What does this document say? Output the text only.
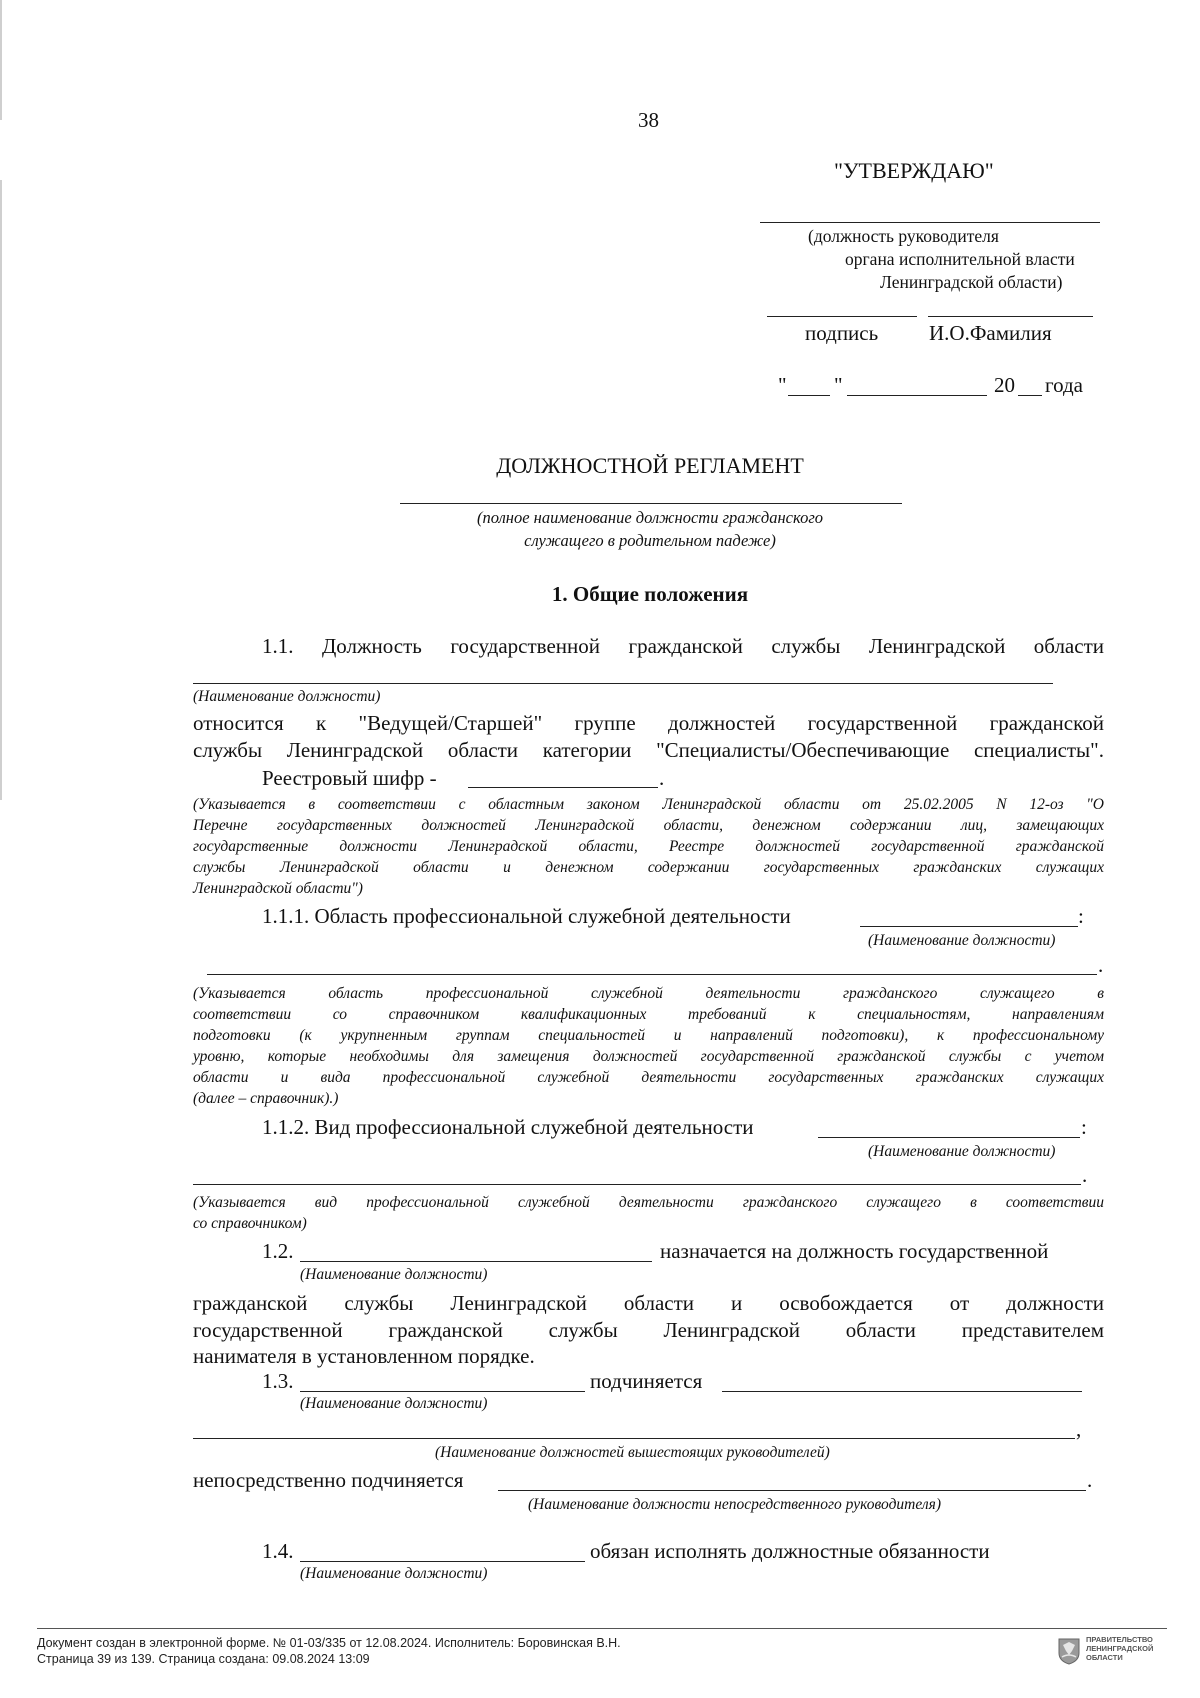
38
"УТВЕРЖДАЮ"
(должность руководителя
органа исполнительной власти
Ленинградской области)
подпись И.О.Фамилия
" "	20 года
ДОЛЖНОСТНОЙ РЕГЛАМЕНТ
(полное наименование должности гражданского
служащего в родительном падеже)
1. Общие положения
1.1. Должность государственной гражданской службы Ленинградской области
(Наименование должности)
относится к "Ведущей/Старшей" группе должностей государственной гражданской
службы Ленинградской области категории "Специалисты/Обеспечивающие специалисты".
Реестровый шифр -	.
(Указывается в соответствии с областным законом Ленинградской области от 25.02.2005 N 12-оз "О
Перечне государственных должностей Ленинградской области, денежном содержании лиц, замещающих
государственные должности Ленинградской области, Реестре должностей государственной гражданской
службы Ленинградской области и денежном содержании государственных гражданских служащих
Ленинградской области")
1.1.1. Область профессиональной служебной деятельности	:
(Наименование должности)
.
(Указывается область профессиональной служебной деятельности гражданского служащего в
соответствии со справочником квалификационных требований к специальностям, направлениям
подготовки (к укрупненным группам специальностей и направлений подготовки), к профессиональному
уровню, которые необходимы для замещения должностей государственной гражданской службы с учетом
области и вида профессиональной служебной деятельности государственных гражданских служащих
(далее – справочник).)
1.1.2. Вид профессиональной служебной деятельности	:
(Наименование должности)
.
(Указывается вид профессиональной служебной деятельности гражданского служащего в соответствии
со справочником)
1.2.	назначается на должность государственной
(Наименование должности)
гражданской службы Ленинградской области и освобождается от должности
государственной гражданской службы Ленинградской области представителем
нанимателя в установленном порядке.
1.3.	подчиняется
(Наименование должности)
,
(Наименование должностей вышестоящих руководителей)
непосредственно подчиняется	.
(Наименование должности непосредственного руководителя)
1.4.	обязан исполнять должностные обязанности
(Наименование должности)
Документ создан в электронной форме. № 01-03/335 от 12.08.2024. Исполнитель: Боровинская В.Н.
Страница 39 из 139. Страница создана: 09.08.2024 13:09
ПРАВИТЕЛЬСТВО
ЛЕНИНГРАДСКОЙ
ОБЛАСТИ
